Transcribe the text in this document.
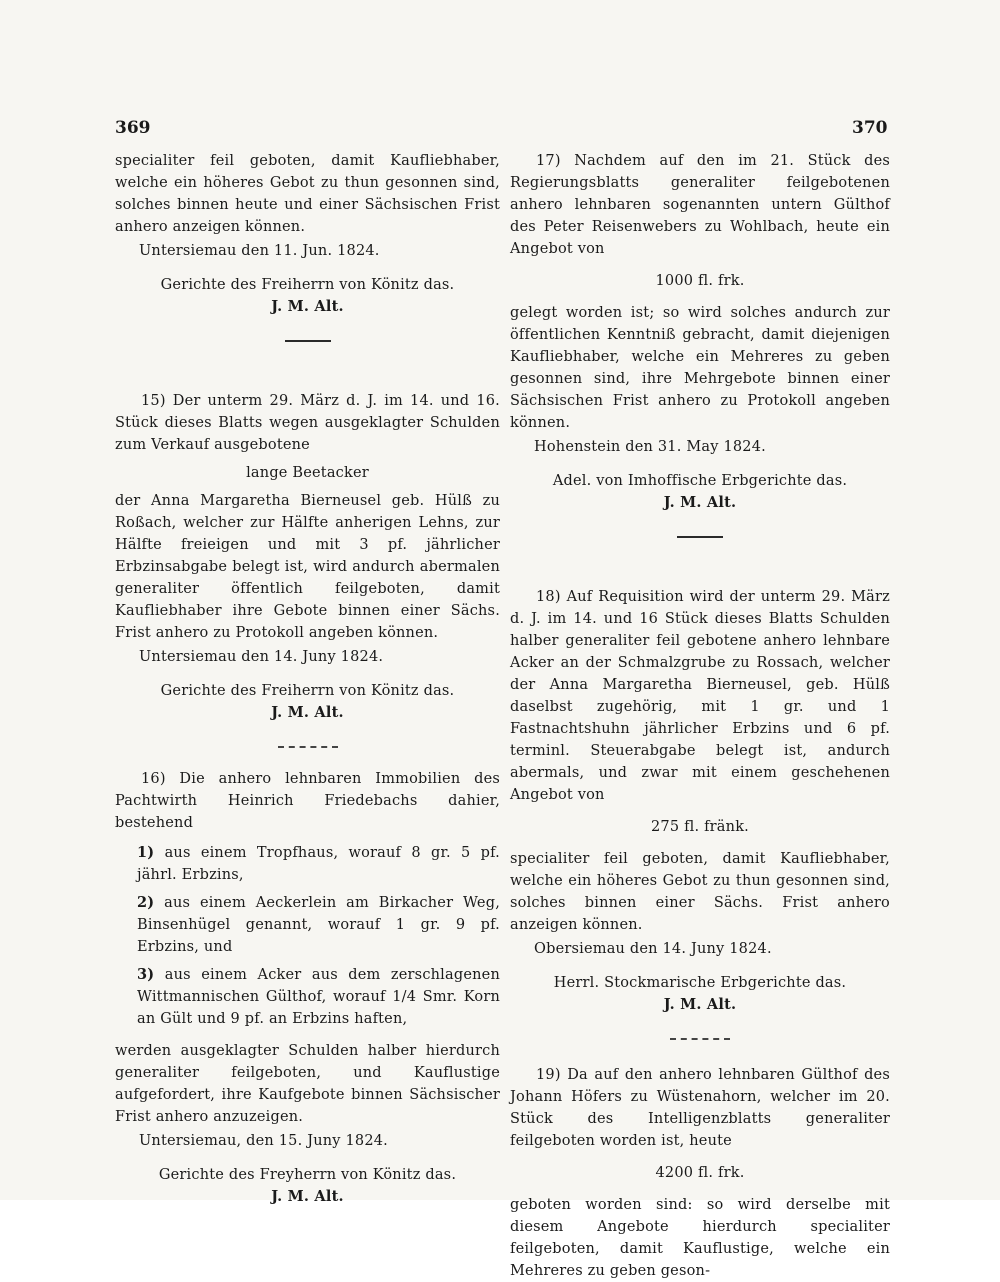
369	370

specialiter feil geboten, damit Kaufliebhaber, welche ein höheres Gebot zu thun gesonnen sind, solches binnen heute und einer Sächsischen Frist anhero anzeigen können.

Untersiemau den 11. Jun. 1824.

Gerichte des Freiherrn von Könitz das.

J. M. Alt.

15) Der unterm 29. März d. J. im 14. und 16. Stück dieses Blatts wegen ausgeklagter Schulden zum Verkauf ausgebotene

lange Beetacker

der Anna Margaretha Bierneusel geb. Hülß zu Roßach, welcher zur Hälfte anherigen Lehns, zur Hälfte freieigen und mit 3 pf. jährlicher Erbzinsabgabe belegt ist, wird andurch abermalen generaliter öffentlich feilgeboten, damit Kaufliebhaber ihre Gebote binnen einer Sächs. Frist anhero zu Protokoll angeben können.

Untersiemau den 14. Juny 1824.

Gerichte des Freiherrn von Könitz das.

J. M. Alt.

16) Die anhero lehnbaren Immobilien des Pachtwirth Heinrich Friedebachs dahier, bestehend

1) aus einem Tropfhaus, worauf 8 gr. 5 pf. jährl. Erbzins,
2) aus einem Aeckerlein am Birkacher Weg, Binsenhügel genannt, worauf 1 gr. 9 pf. Erbzins, und
3) aus einem Acker aus dem zerschlagenen Wittmannischen Gülthof, worauf 1/4 Smr. Korn an Gült und 9 pf. an Erbzins haften,

werden ausgeklagter Schulden halber hierdurch generaliter feilgeboten, und Kauflustige aufgefordert, ihre Kaufgebote binnen Sächsischer Frist anhero anzuzeigen.

Untersiemau, den 15. Juny 1824.

Gerichte des Freyherrn von Könitz das.

J. M. Alt.

17) Nachdem auf den im 21. Stück des Regierungsblatts generaliter feilgebotenen anhero lehnbaren sogenannten untern Gülthof des Peter Reisenwebers zu Wohlbach, heute ein Angebot von

1000 fl. frk.

gelegt worden ist; so wird solches andurch zur öffentlichen Kenntniß gebracht, damit diejenigen Kaufliebhaber, welche ein Mehreres zu geben gesonnen sind, ihre Mehrgebote binnen einer Sächsischen Frist anhero zu Protokoll angeben können.

Hohenstein den 31. May 1824.

Adel. von Imhoffische Erbgerichte das.

J. M. Alt.

18) Auf Requisition wird der unterm 29. März d. J. im 14. und 16 Stück dieses Blatts Schulden halber generaliter feil gebotene anhero lehnbare Acker an der Schmalzgrube zu Rossach, welcher der Anna Margaretha Bierneusel, geb. Hülß daselbst zugehörig, mit 1 gr. und 1 Fastnachtshuhn jährlicher Erbzins und 6 pf. terminl. Steuerabgabe belegt ist, andurch abermals, und zwar mit einem geschehenen Angebot von

275 fl. fränk.

specialiter feil geboten, damit Kaufliebhaber, welche ein höheres Gebot zu thun gesonnen sind, solches binnen einer Sächs. Frist anhero anzeigen können.

Obersiemau den 14. Juny 1824.

Herrl. Stockmarische Erbgerichte das.

J. M. Alt.

19) Da auf den anhero lehnbaren Gülthof des Johann Höfers zu Wüstenahorn, welcher im 20. Stück des Intelligenzblatts generaliter feilgeboten worden ist, heute

4200 fl. frk.

geboten worden sind: so wird derselbe mit diesem Angebote hierdurch specialiter feilgeboten, damit Kauflustige, welche ein Mehreres zu geben geson-
